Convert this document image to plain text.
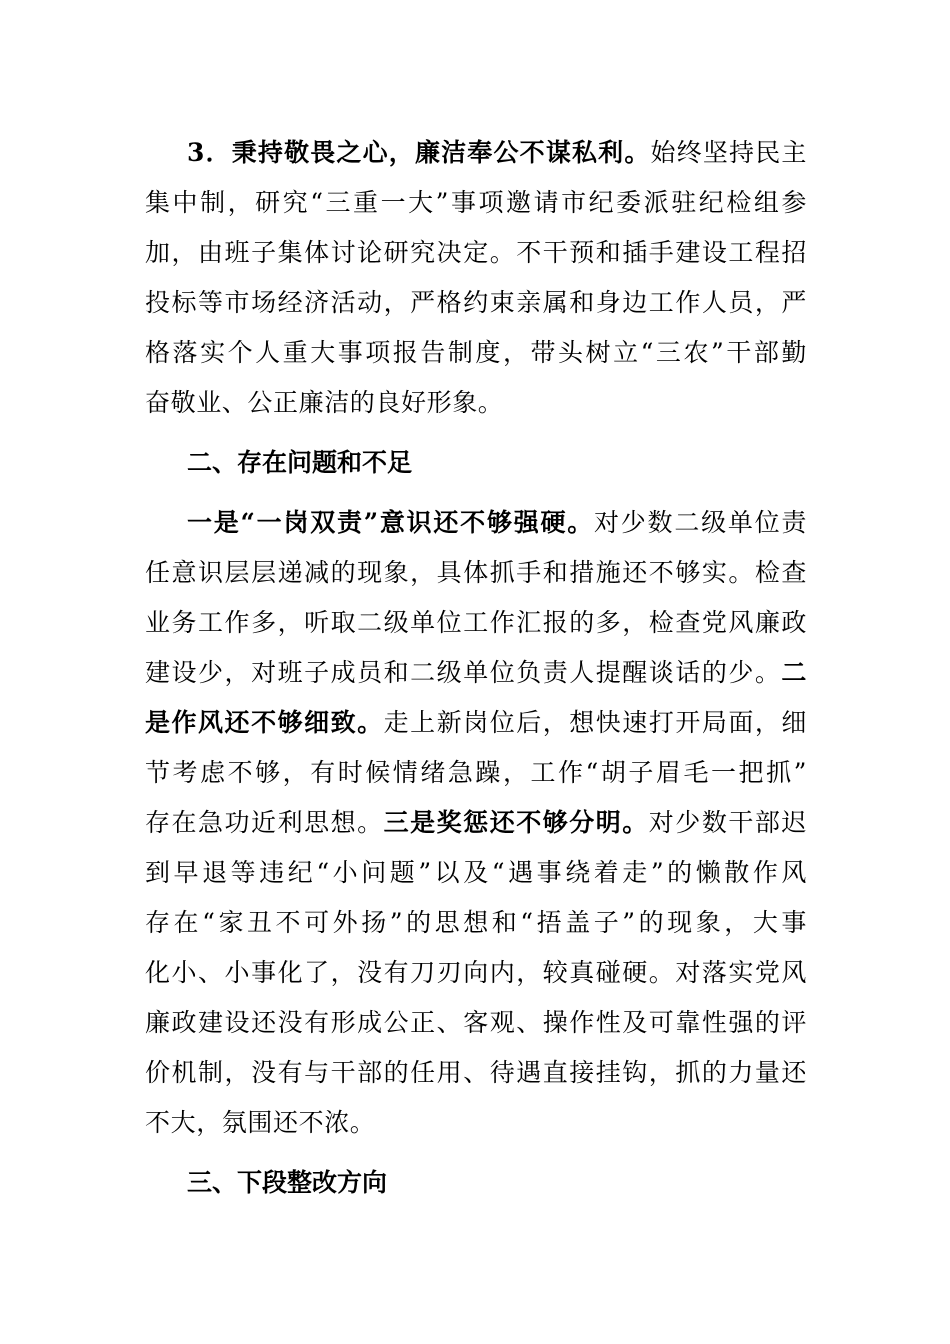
3．秉持敬畏之心，廉洁奉公不谋私利。始终坚持民主
集中制，研究“三重一大”事项邀请市纪委派驻纪检组参
加，由班子集体讨论研究决定。不干预和插手建设工程招
投标等市场经济活动，严格约束亲属和身边工作人员，严
格落实个人重大事项报告制度，带头树立“三农”干部勤
奋敬业、公正廉洁的良好形象。
二、存在问题和不足
一是“一岗双责”意识还不够强硬。对少数二级单位责
任意识层层递减的现象，具体抓手和措施还不够实。检查
业务工作多，听取二级单位工作汇报的多，检查党风廉政
建设少，对班子成员和二级单位负责人提醒谈话的少。二
是作风还不够细致。走上新岗位后，想快速打开局面，细
节考虑不够，有时候情绪急躁，工作“胡子眉毛一把抓”
存在急功近利思想。三是奖惩还不够分明。对少数干部迟
到早退等违纪“小问题”以及“遇事绕着走”的懒散作风
存在“家丑不可外扬”的思想和“捂盖子”的现象，大事
化小、小事化了，没有刀刃向内，较真碰硬。对落实党风
廉政建设还没有形成公正、客观、操作性及可靠性强的评
价机制，没有与干部的任用、待遇直接挂钩，抓的力量还
不大，氛围还不浓。
三、下段整改方向
